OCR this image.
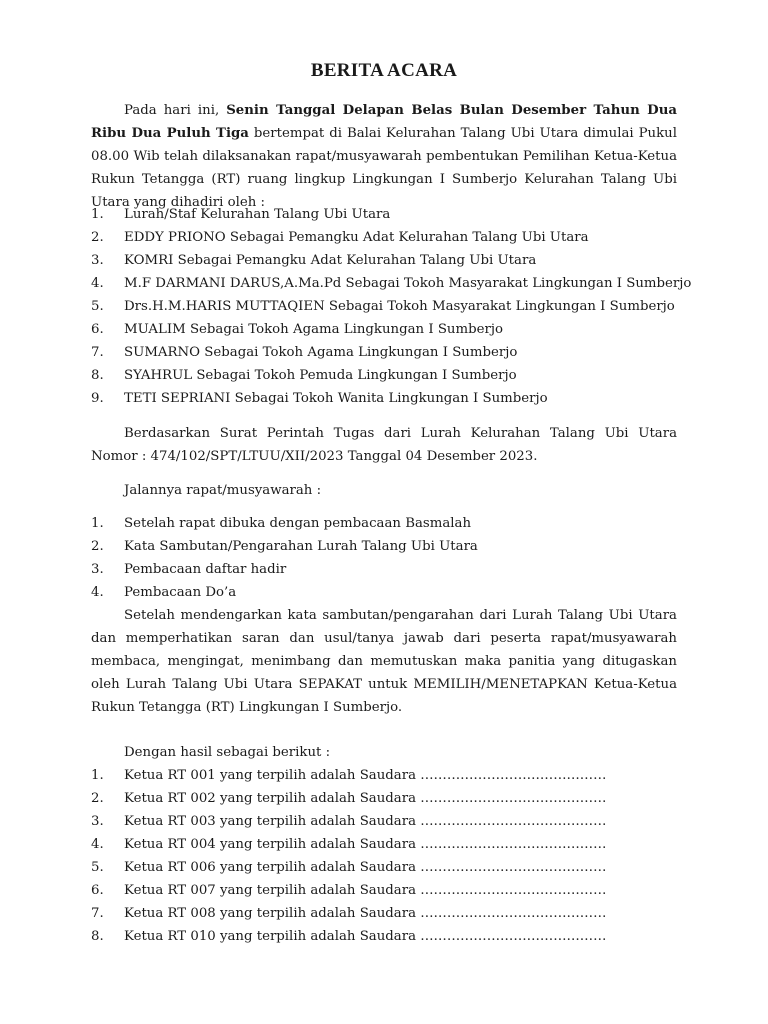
BERITA ACARA

Pada hari ini, Senin Tanggal Delapan Belas Bulan Desember Tahun Dua Ribu Dua Puluh Tiga bertempat di Balai Kelurahan Talang Ubi Utara dimulai Pukul 08.00 Wib telah dilaksanakan rapat/musyawarah pembentukan Pemilihan Ketua-Ketua Rukun Tetangga (RT) ruang lingkup Lingkungan I Sumberjo Kelurahan Talang Ubi Utara yang dihadiri oleh :

1. Lurah/Staf Kelurahan Talang Ubi Utara
2. EDDY PRIONO Sebagai Pemangku Adat Kelurahan Talang Ubi Utara
3. KOMRI Sebagai Pemangku Adat Kelurahan Talang Ubi Utara
4. M.F DARMANI DARUS,A.Ma.Pd Sebagai Tokoh Masyarakat Lingkungan I Sumberjo
5. Drs.H.M.HARIS MUTTAQIEN Sebagai Tokoh Masyarakat Lingkungan I Sumberjo
6. MUALIM Sebagai Tokoh Agama Lingkungan I Sumberjo
7. SUMARNO Sebagai Tokoh Agama Lingkungan I Sumberjo
8. SYAHRUL Sebagai Tokoh Pemuda Lingkungan I Sumberjo
9. TETI SEPRIANI Sebagai Tokoh Wanita Lingkungan I Sumberjo

Berdasarkan Surat Perintah Tugas dari Lurah Kelurahan Talang Ubi Utara Nomor : 474/102/SPT/LTUU/XII/2023 Tanggal 04 Desember 2023.

Jalannya rapat/musyawarah :
1. Setelah rapat dibuka dengan pembacaan Basmalah
2. Kata Sambutan/Pengarahan Lurah Talang Ubi Utara
3. Pembacaan daftar hadir
4. Pembacaan Do’a

Setelah mendengarkan kata sambutan/pengarahan dari Lurah Talang Ubi Utara dan memperhatikan saran dan usul/tanya jawab dari peserta rapat/musyawarah membaca, mengingat, menimbang dan memutuskan maka panitia yang ditugaskan oleh Lurah Talang Ubi Utara SEPAKAT untuk MEMILIH/MENETAPKAN Ketua-Ketua Rukun Tetangga (RT) Lingkungan I Sumberjo.

Dengan hasil sebagai berikut :
1. Ketua RT 001 yang terpilih adalah Saudara ……………………………………
2. Ketua RT 002 yang terpilih adalah Saudara ……………………………………
3. Ketua RT 003 yang terpilih adalah Saudara ……………………………………
4. Ketua RT 004 yang terpilih adalah Saudara ……………………………………
5. Ketua RT 006 yang terpilih adalah Saudara ……………………………………
6. Ketua RT 007 yang terpilih adalah Saudara ……………………………………
7. Ketua RT 008 yang terpilih adalah Saudara ……………………………………
8. Ketua RT 010 yang terpilih adalah Saudara ……………………………………
